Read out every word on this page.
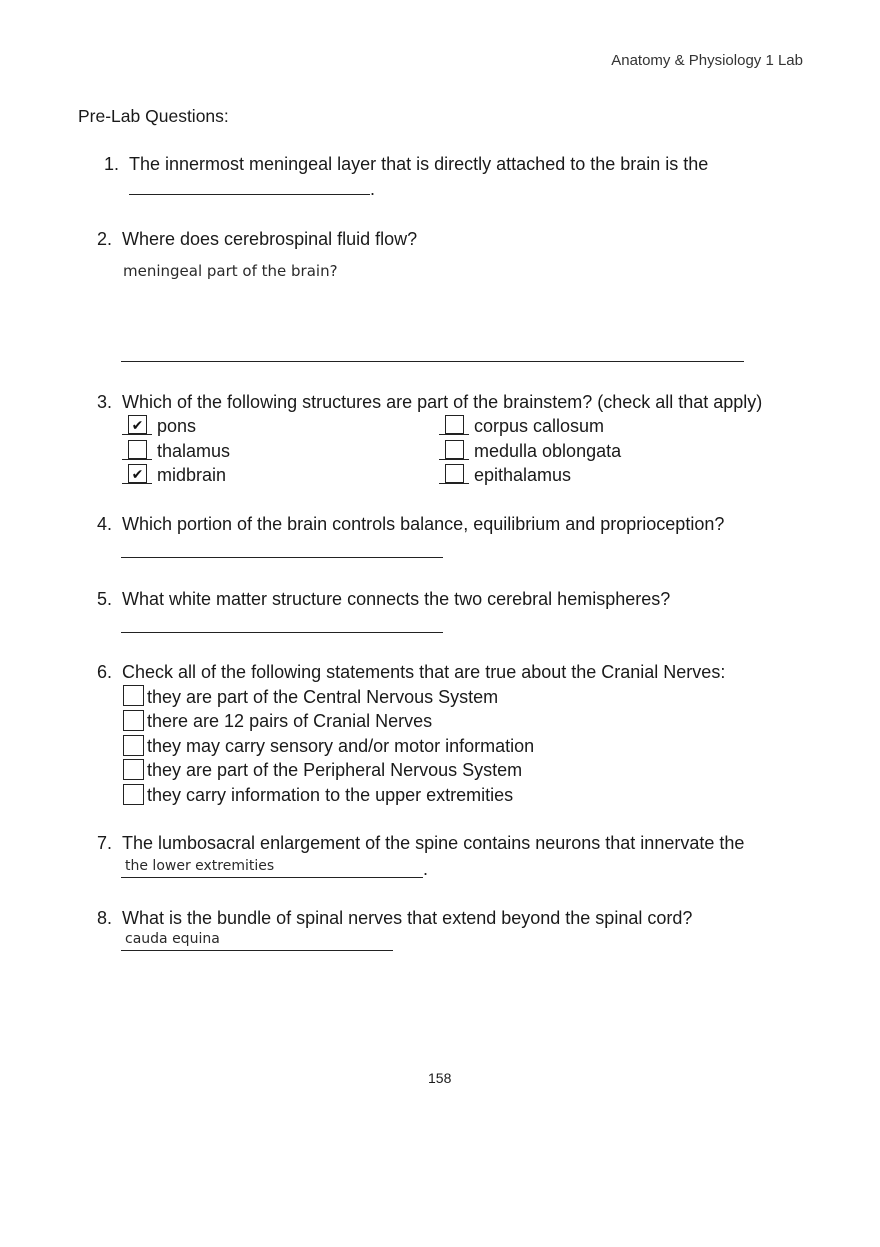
Anatomy & Physiology 1 Lab
Pre-Lab Questions:
1. The innermost meningeal layer that is directly attached to the brain is the
.
2. Where does cerebrospinal fluid flow?
meningeal part of the brain?
3. Which of the following structures are part of the brainstem? (check all that apply)
✔ pons
thalamus
✔ midbrain
corpus callosum
medulla oblongata
epithalamus
4. Which portion of the brain controls balance, equilibrium and proprioception?
5. What white matter structure connects the two cerebral hemispheres?
6. Check all of the following statements that are true about the Cranial Nerves:
they are part of the Central Nervous System
there are 12 pairs of Cranial Nerves
they may carry sensory and/or motor information
they are part of the Peripheral Nervous System
they carry information to the upper extremities
7. The lumbosacral enlargement of the spine contains neurons that innervate the
the lower extremities	.
8. What is the bundle of spinal nerves that extend beyond the spinal cord?
cauda equina
158
